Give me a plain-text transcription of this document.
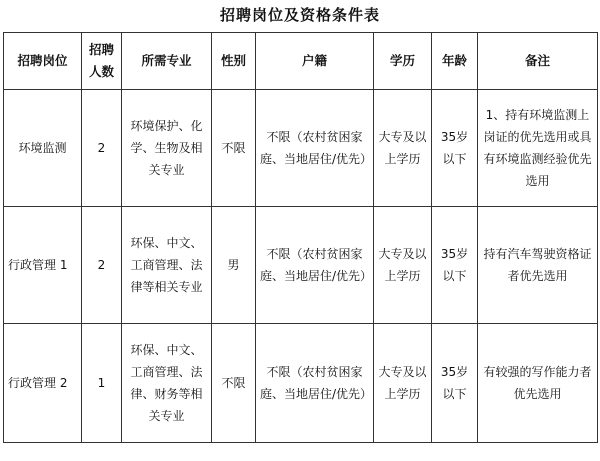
招聘岗位及资格条件表
招聘岗位	招聘人数	所需专业	性别	户籍	学历	年龄	备注
环境监测	2	环境保护、化学、生物及相关专业	不限	不限（农村贫困家庭、当地居住/优先）	大专及以上学历	35岁以下	1、持有环境监测上岗证的优先选用或具有环境监测经验优先选用
行政管理 1	2	环保、中文、工商管理、法律等相关专业	男	不限（农村贫困家庭、当地居住/优先）	大专及以上学历	35岁以下	持有汽车驾驶资格证者优先选用
行政管理 2	1	环保、中文、工商管理、法律、财务等相关专业	不限	不限（农村贫困家庭、当地居住/优先）	大专及以上学历	35岁以下	有较强的写作能力者优先选用
